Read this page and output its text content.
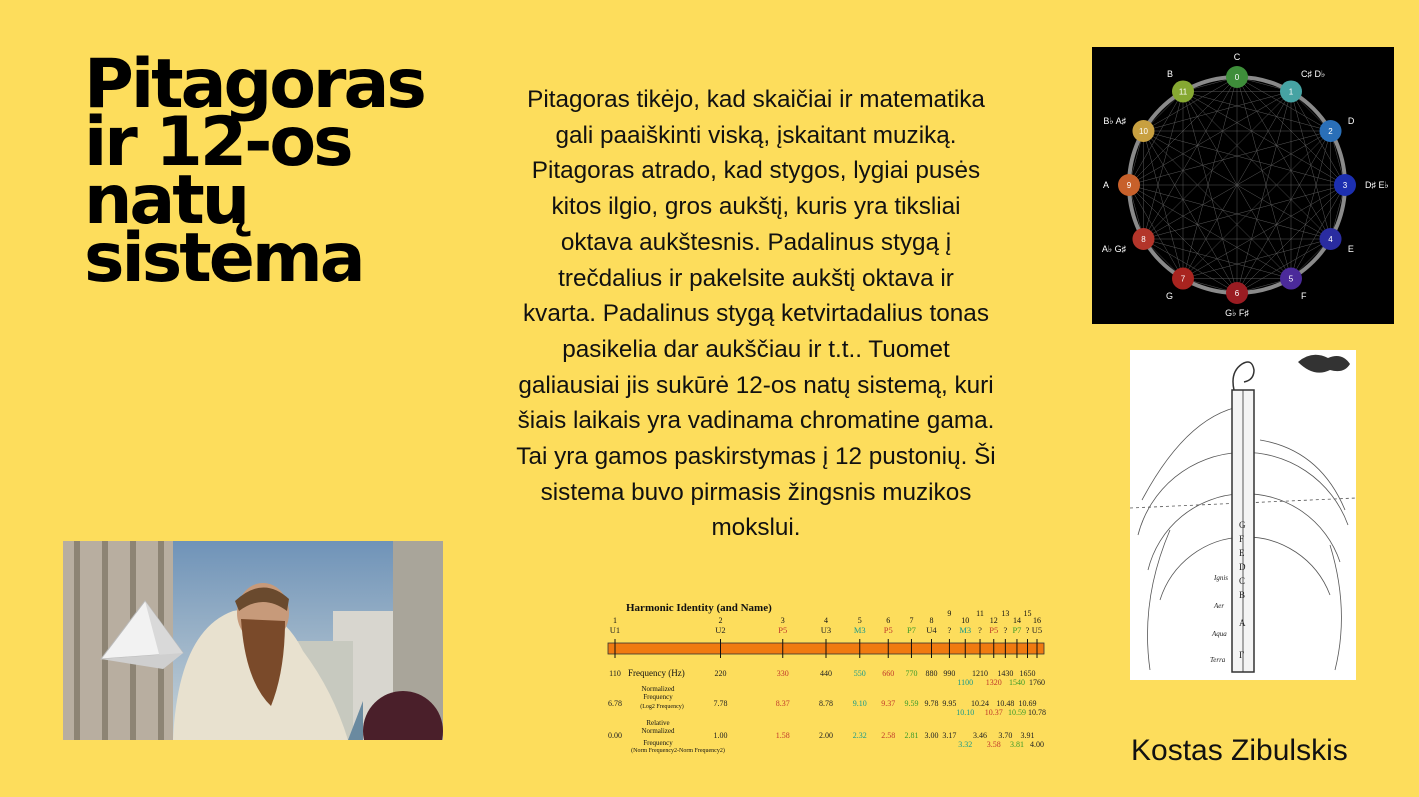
Pitagoras
ir 12-os
natų
sistema
Pitagoras tikėjo, kad skaičiai ir matematika
gali paaiškinti viską, įskaitant muziką.
Pitagoras atrado, kad stygos, lygiai pusės
kitos ilgio, gros aukštį, kuris yra tiksliai
oktava aukštesnis. Padalinus stygą į
trečdalius ir pakelsite aukštį oktava ir
kvarta. Padalinus stygą ketvirtadalius tonas
pasikelia dar aukščiau ir t.t.. Tuomet
galiausiai jis sukūrė 12-os natų sistemą, kuri
šiais laikais yra vadinama chromatine gama.
Tai yra gamos paskirstymas į 12 pustonių. Ši
sistema buvo pirmasis žingsnis muzikos
mokslui.
0
C
1
C♯ D♭
2
D
3 D♯ E♭
4
E
5
F
6
G♭ F♯
7
G
8
A♭ G♯
9
A
10
B♭ A♯
11
B
G
F
E
D
C
B
A
Γ
Terra
Aqua
Aer
Ignis
Harmonic Identity (and Name)
1
U1
110
6.78
0.00
2
U2
220
7.78
1.00
3
P5
330
8.37
1.58
4
U3
440
8.78
2.00
5
M3
550
9.10
2.32
6
P5
660
9.37
2.58
7
P7
770
9.59
2.81
8
U4
880
9.78
3.00
9
?
990
9.95
3.17
10
M3
1100
10.10
3.32
11
?
1210
10.24
3.46
12
P5
1320
10.37
3.58
13
?
1430
10.48
3.70
14
P7
1540
10.59
3.81
15
?
1650
10.69
3.91
16
U5
1760
10.78
4.00
Frequency (Hz)
Normalized
Frequency
(Log2 Frequency)
Relative
Normalized
Frequency
(Norm Frequency2-Norm Frequency2)	Kostas Zibulskis
